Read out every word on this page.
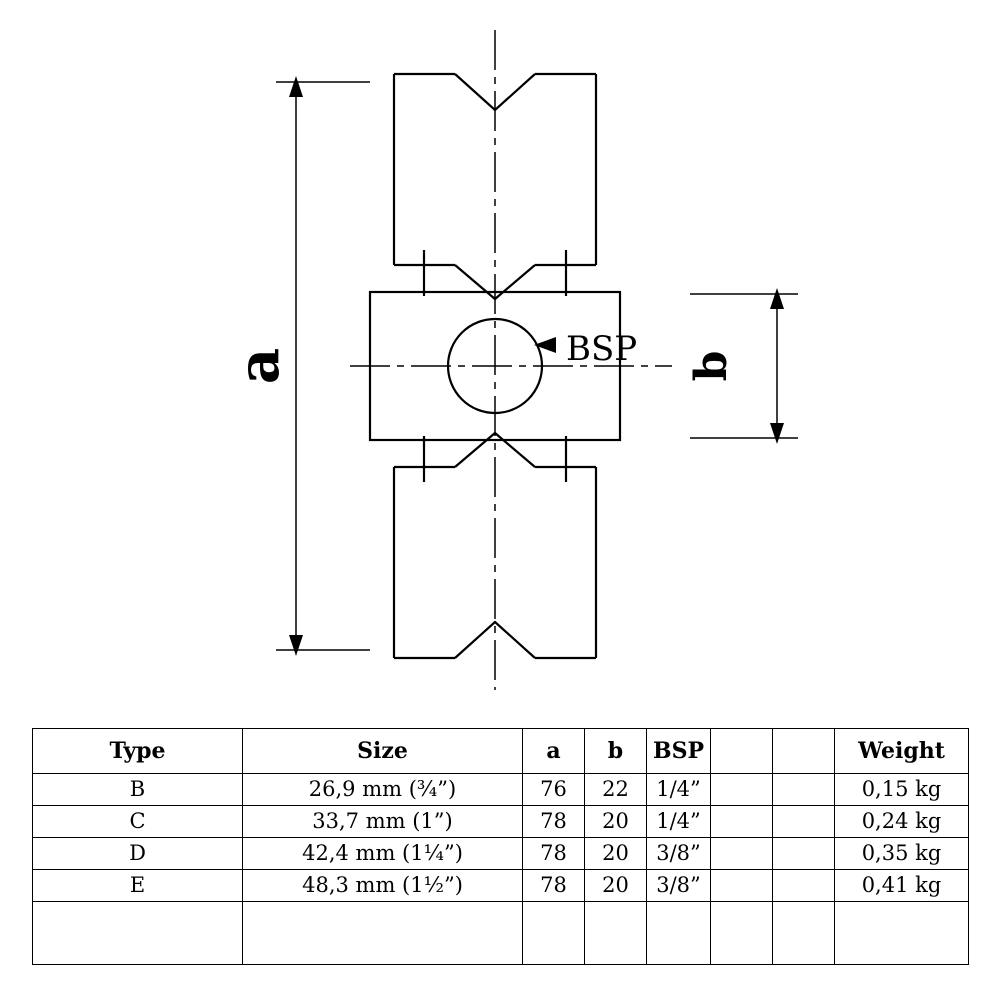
a	b
BSP
Type	Size	a	b	BSP			Weight
B	26,9 mm (¾”)	76	22	1/4”			0,15 kg
C	33,7 mm (1”)	78	20	1/4”			0,24 kg
D	42,4 mm (1¼”)	78	20	3/8”			0,35 kg
E	48,3 mm (1½”)	78	20	3/8”			0,41 kg
